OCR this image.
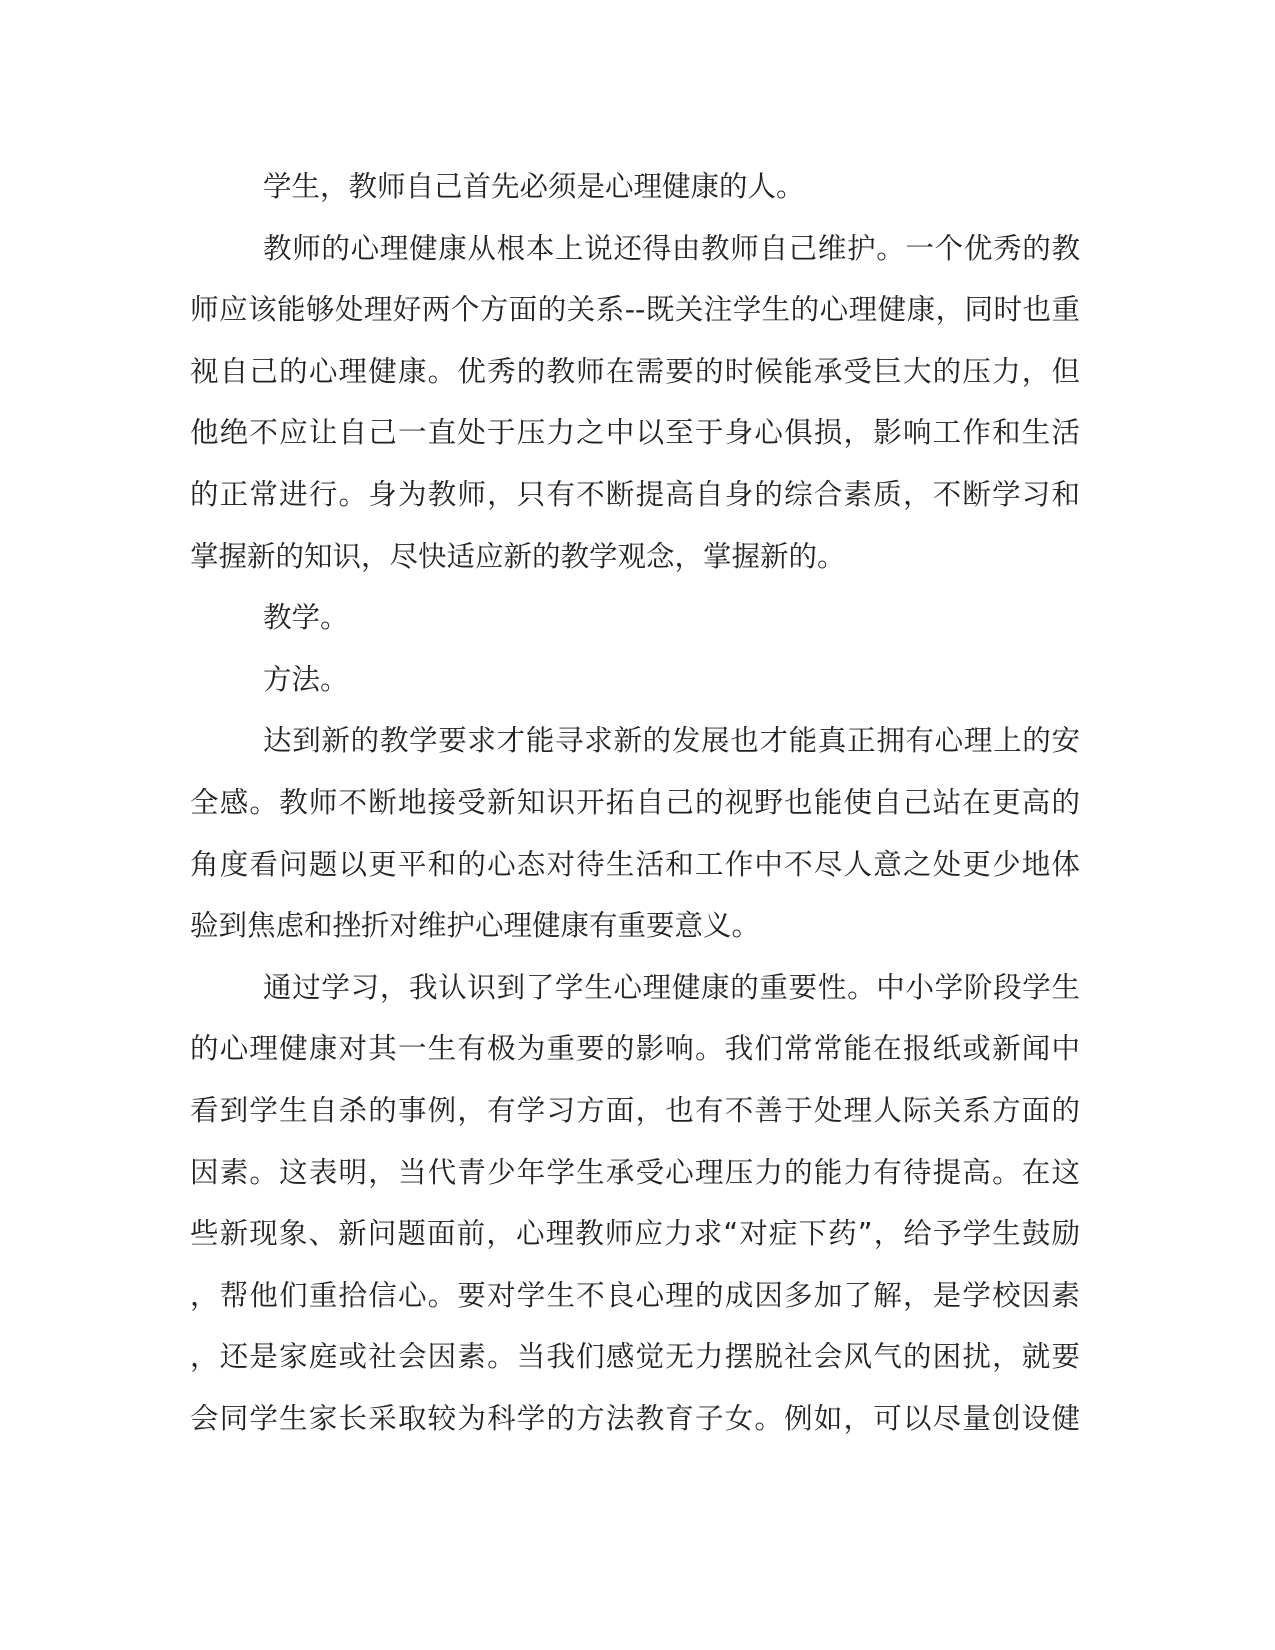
学生，教师自己首先必须是心理健康的人。
教师的心理健康从根本上说还得由教师自己维护。一个优秀的教
师应该能够处理好两个方面的关系--既关注学生的心理健康，同时也重
视自己的心理健康。优秀的教师在需要的时候能承受巨大的压力，但
他绝不应让自己一直处于压力之中以至于身心俱损，影响工作和生活
的正常进行。身为教师，只有不断提高自身的综合素质，不断学习和
掌握新的知识，尽快适应新的教学观念，掌握新的。
教学。
方法。
达到新的教学要求才能寻求新的发展也才能真正拥有心理上的安
全感。教师不断地接受新知识开拓自己的视野也能使自己站在更高的
角度看问题以更平和的心态对待生活和工作中不尽人意之处更少地体
验到焦虑和挫折对维护心理健康有重要意义。
通过学习，我认识到了学生心理健康的重要性。中小学阶段学生
的心理健康对其一生有极为重要的影响。我们常常能在报纸或新闻中
看到学生自杀的事例，有学习方面，也有不善于处理人际关系方面的
因素。这表明，当代青少年学生承受心理压力的能力有待提高。在这
些新现象、新问题面前，心理教师应力求“对症下药”，给予学生鼓励
，帮他们重拾信心。要对学生不良心理的成因多加了解，是学校因素
，还是家庭或社会因素。当我们感觉无力摆脱社会风气的困扰，就要
会同学生家长采取较为科学的方法教育子女。例如，可以尽量创设健
